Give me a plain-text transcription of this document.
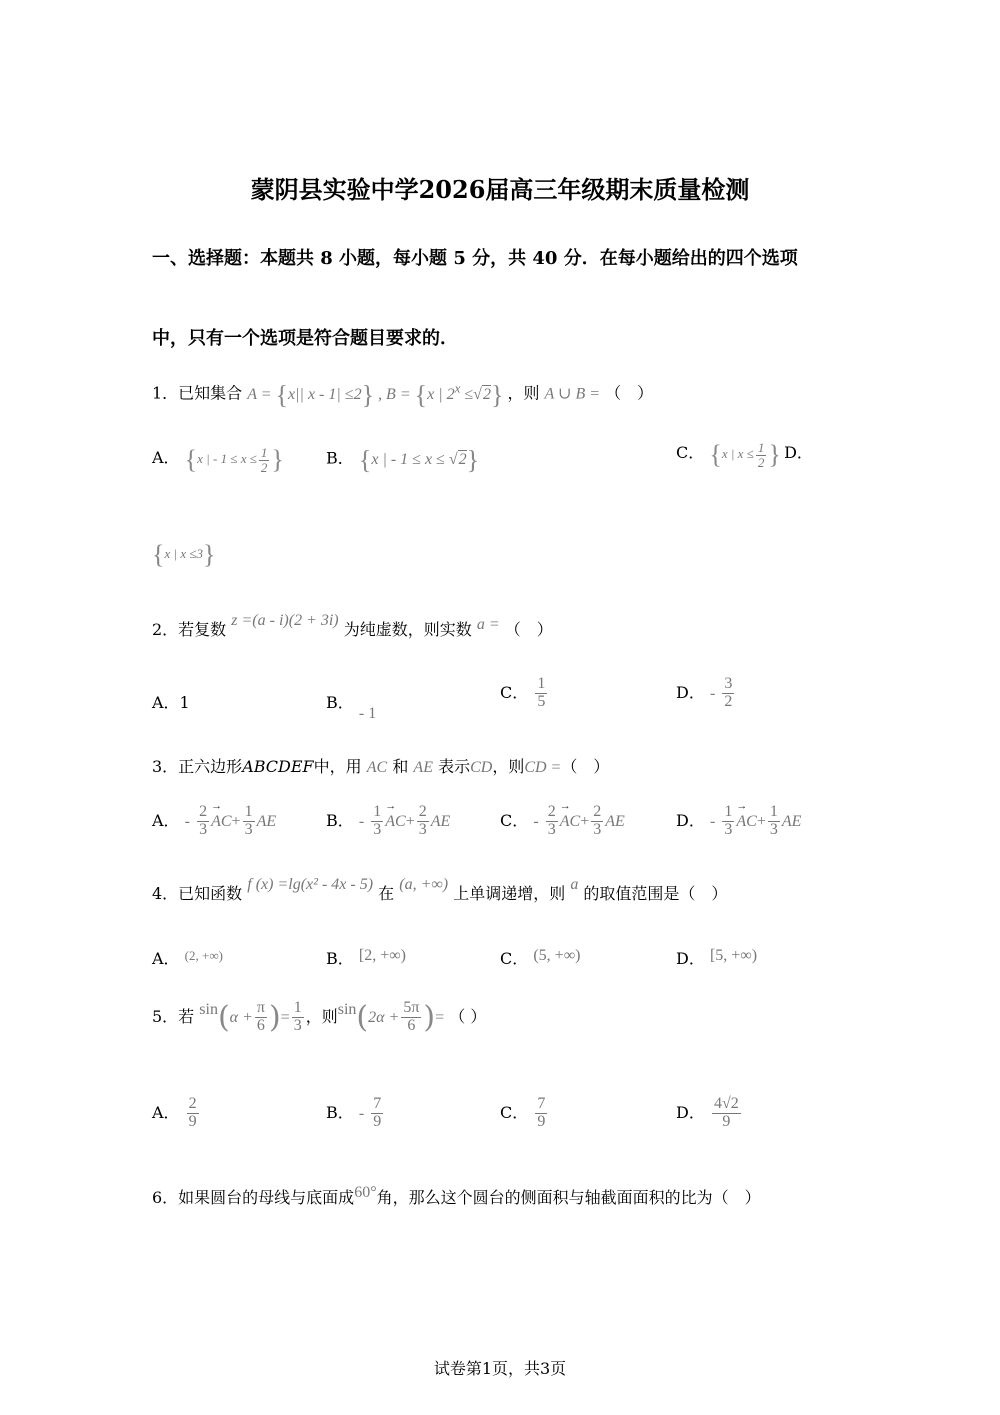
蒙阴县实验中学2026届高三年级期末质量检测
一、选择题：本题共 8 小题，每小题 5 分，共 40 分．在每小题给出的四个选项
中，只有一个选项是符合题目要求的．
1．已知集合 A = {x|| x - 1| ≤2} , B = {x | $2^x \le√2$} ，则 A ∪ B = （　）
A． {x | - $1 \le x \le \frac{1}{2}$ }	B． {x | - 1 ≤ x ≤ √2}	C． {x | $x \le \frac{1}{2}$ } D．
{x | x ≤3}
2．若复数 z =(a - i)(2 + 3i) 为纯虚数，则实数 a = （　）
A．1	B． - 1
C． $\frac{1}{5}$	D． - $\frac{3}{2}$
3．正六边形ABCDEF中，用 AC 和 AE 表示CD，则CD =（　）
A． - $\frac{2}{3}$
→ $AC+ \frac{1}{3}$ AE	B． - $\frac{1}{3}$
→ $AC+ \frac{2}{3}$ AE	C． - $\frac{2}{3}$
→ $AC+ \frac{2}{3}$ AE	D． - $\frac{1}{3}$
→ $AC+ \frac{1}{3}$ AE
4．已知函数 f (x) =lg(x² - 4x - 5) 在 (a, +∞) 上单调递增，则 a 的取值范围是（　）
A． $^{(2, +\infty)}$	B． [2, +∞)	C． (5, +∞)	D． [5, +∞)
5．若 $\sin(\alpha + \frac{\pi}{6}$ )= $\frac{1}{3}$ ，则$\sin(2\alpha + \frac{5\pi}{6}$ )= （ ）
A． $\frac{2}{9}$	B． - $\frac{7}{9}$	C． $\frac{7}{9}$	D． $\frac{4√2}{9}$
6．如果圆台的母线与底面成60°角，那么这个圆台的侧面积与轴截面面积的比为（　）
试卷第1页，共3页
